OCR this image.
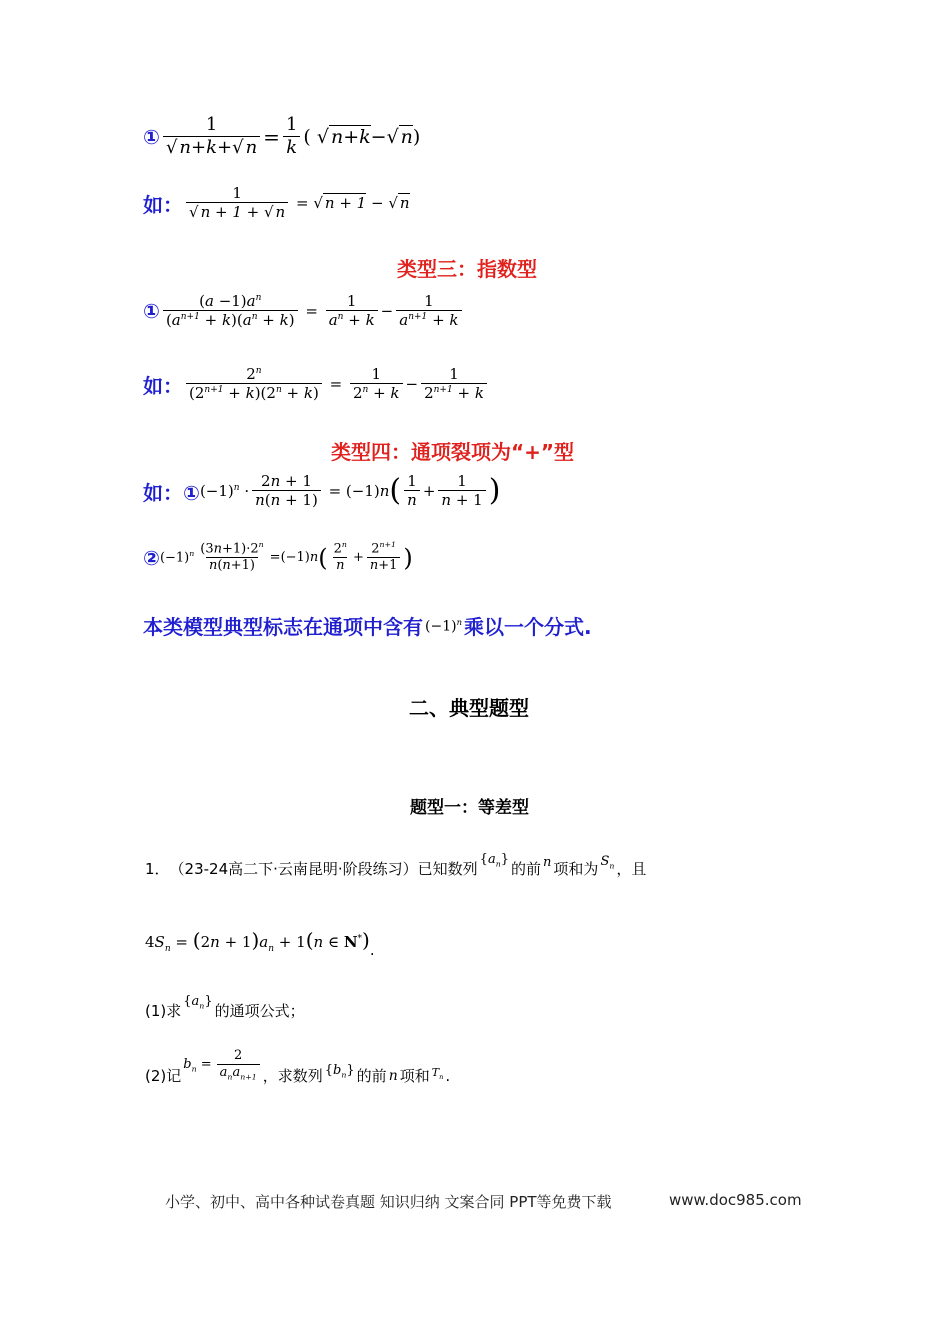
① $\frac{1}{√ n+k+√ n} = \frac{1}{k}$ ( √ n+k−√ n)
如： $\frac{1}{√ n + 1 + √ n}$ = √ n + 1 − √ n
类型三：指数型
① $\frac{(a -1)a^n}{(a^{n+1} + k)(a^n + k)} = \frac{1}{a^n + k} - \frac{1}{a^{n+1} + k}$
如： $\frac{2^n}{(2^{n+1} + k)(2^n + k)} = \frac{1}{2^n + k} - \frac{1}{2^{n+1} + k}$
类型四：通项裂项为“+”型
如：① $(-1)^n \cdot \frac{2n + 1}{n(n + 1)} = (-1)$ n ( $\frac{1}{n} + \frac{1}{n + 1}$ )
② $(-1)^n \frac{(3n+1)\cdot 2^n}{n(n+1)} =(-1)$ n ( $\frac{2^n}{n} + \frac{2^{n+1}}{n+1}$ )
本类模型典型标志在通项中含有 $(-1)^n$ 乘以一个分式.
二、典型题型
题型一：等差型
1． （23-24高二下·云南昆明·阶段练习）已知数列
$\{a_n\}$
的前 n 项和为 $S_n$ ，且
$4S_n = (2n + 1)a_n + 1(n$ ∈ N*) .
(1)求
$\{a_n\}$
的通项公式；
(2)记
$b_n = \frac{2}{a_na_{n+1}}$ ，求数列 $\{b_n\}$ 的前 n 项和 $T_n$ .
小学、初中、高中各种试卷真题 知识归纳 文案合同 PPT等免费下载	www.doc985.com
